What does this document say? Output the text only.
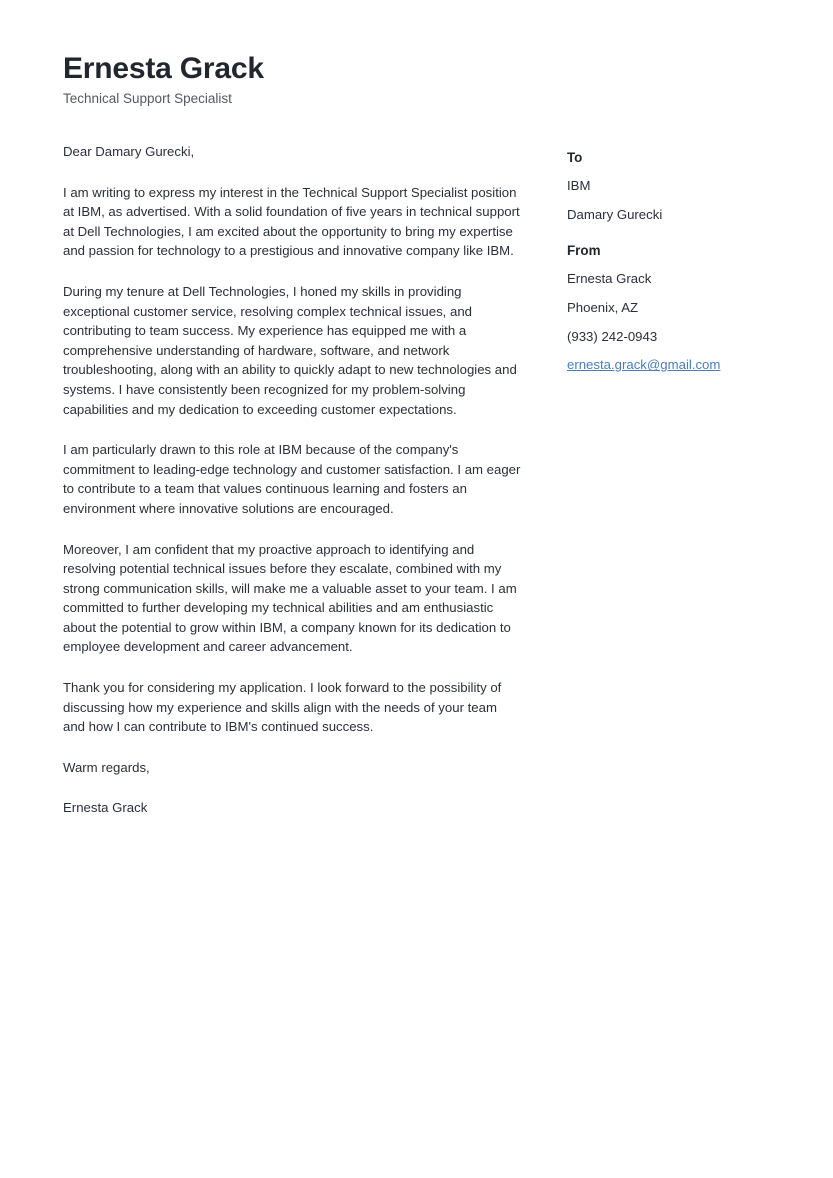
Ernesta Grack

Technical Support Specialist

Dear Damary Gurecki,

I am writing to express my interest in the Technical Support Specialist position at IBM, as advertised. With a solid foundation of five years in technical support at Dell Technologies, I am excited about the opportunity to bring my expertise and passion for technology to a prestigious and innovative company like IBM.

During my tenure at Dell Technologies, I honed my skills in providing exceptional customer service, resolving complex technical issues, and contributing to team success. My experience has equipped me with a comprehensive understanding of hardware, software, and network troubleshooting, along with an ability to quickly adapt to new technologies and systems. I have consistently been recognized for my problem-solving capabilities and my dedication to exceeding customer expectations.

I am particularly drawn to this role at IBM because of the company's commitment to leading-edge technology and customer satisfaction. I am eager to contribute to a team that values continuous learning and fosters an environment where innovative solutions are encouraged.

Moreover, I am confident that my proactive approach to identifying and resolving potential technical issues before they escalate, combined with my strong communication skills, will make me a valuable asset to your team. I am committed to further developing my technical abilities and am enthusiastic about the potential to grow within IBM, a company known for its dedication to employee development and career advancement.

Thank you for considering my application. I look forward to the possibility of discussing how my experience and skills align with the needs of your team and how I can contribute to IBM's continued success.

Warm regards,

Ernesta Grack

To
IBM
Damary Gurecki
From
Ernesta Grack
Phoenix, AZ
(933) 242-0943
ernesta.grack@gmail.com
